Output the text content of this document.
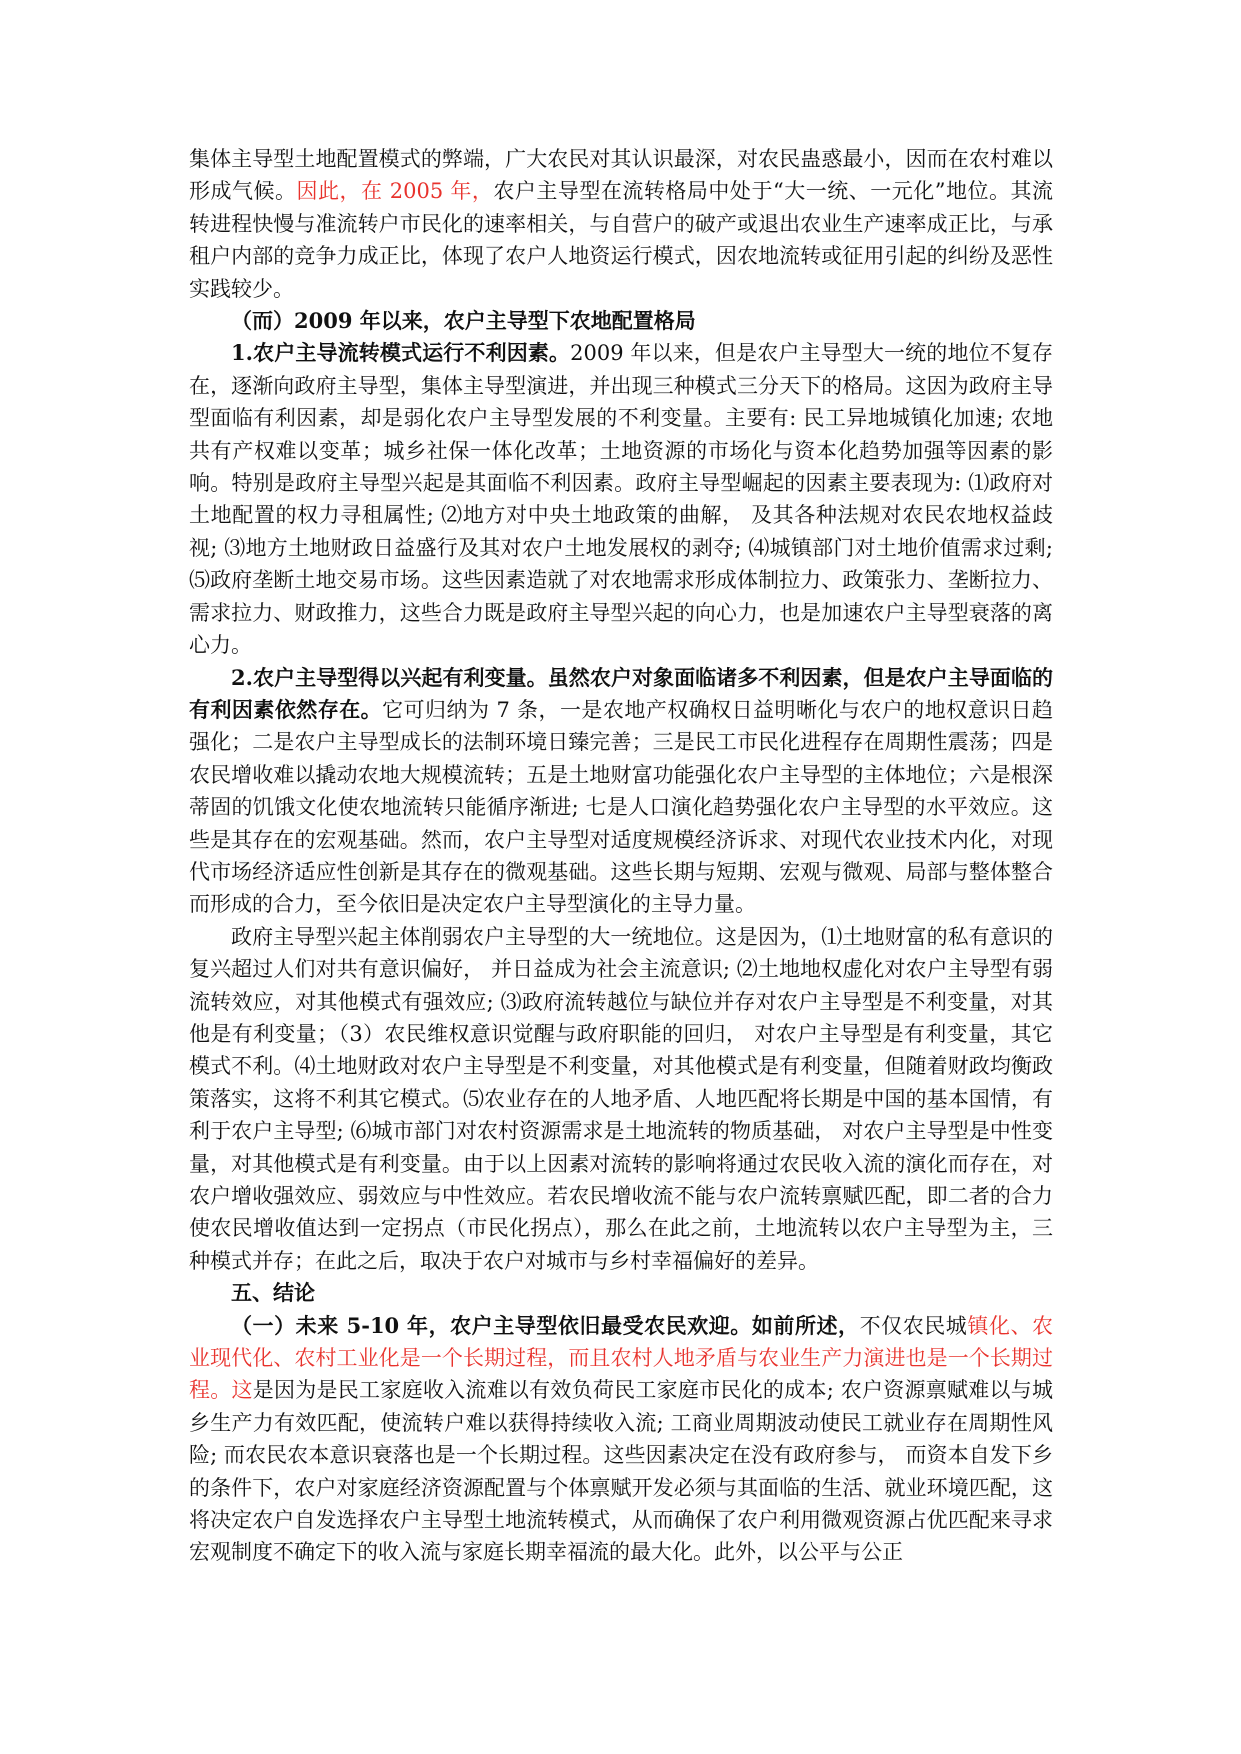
集体主导型土地配置模式的弊端，广大农民对其认识最深，对农民蛊惑最小，因而在农村难以形成气候。因此，在 2005 年，农户主导型在流转格局中处于“大一统、一元化”地位。其流转进程快慢与准流转户市民化的速率相关，与自营户的破产或退出农业生产速率成正比，与承租户内部的竞争力成正比，体现了农户人地资运行模式，因农地流转或征用引起的纠纷及恶性实践较少。

（而）2009 年以来，农户主导型下农地配置格局

1.农户主导流转模式运行不利因素。2009 年以来，但是农户主导型大一统的地位不复存在，逐渐向政府主导型，集体主导型演进，并出现三种模式三分天下的格局。这因为政府主导型面临有利因素，却是弱化农户主导型发展的不利变量。主要有: 民工异地城镇化加速; 农地共有产权难以变革；城乡社保一体化改革；土地资源的市场化与资本化趋势加强等因素的影响。特别是政府主导型兴起是其面临不利因素。政府主导型崛起的因素主要表现为: ⑴政府对土地配置的权力寻租属性; ⑵地方对中央土地政策的曲解， 及其各种法规对农民农地权益歧视; ⑶地方土地财政日益盛行及其对农户土地发展权的剥夺; ⑷城镇部门对土地价值需求过剩; ⑸政府垄断土地交易市场。这些因素造就了对农地需求形成体制拉力、政策张力、垄断拉力、需求拉力、财政推力，这些合力既是政府主导型兴起的向心力，也是加速农户主导型衰落的离心力。

2.农户主导型得以兴起有利变量。虽然农户对象面临诸多不利因素，但是农户主导面临的有利因素依然存在。它可归纳为 7 条，一是农地产权确权日益明晰化与农户的地权意识日趋强化；二是农户主导型成长的法制环境日臻完善；三是民工市民化进程存在周期性震荡；四是农民增收难以撬动农地大规模流转；五是土地财富功能强化农户主导型的主体地位；六是根深蒂固的饥饿文化使农地流转只能循序渐进; 七是人口演化趋势强化农户主导型的水平效应。这些是其存在的宏观基础。然而，农户主导型对适度规模经济诉求、对现代农业技术内化，对现代市场经济适应性创新是其存在的微观基础。这些长期与短期、宏观与微观、局部与整体整合而形成的合力，至今依旧是决定农户主导型演化的主导力量。

政府主导型兴起主体削弱农户主导型的大一统地位。这是因为，⑴土地财富的私有意识的复兴超过人们对共有意识偏好， 并日益成为社会主流意识; ⑵土地地权虚化对农户主导型有弱流转效应，对其他模式有强效应; ⑶政府流转越位与缺位并存对农户主导型是不利变量，对其他是有利变量；（3）农民维权意识觉醒与政府职能的回归， 对农户主导型是有利变量，其它模式不利。⑷土地财政对农户主导型是不利变量，对其他模式是有利变量，但随着财政均衡政策落实，这将不利其它模式。⑸农业存在的人地矛盾、人地匹配将长期是中国的基本国情，有利于农户主导型; ⑹城市部门对农村资源需求是土地流转的物质基础， 对农户主导型是中性变量，对其他模式是有利变量。由于以上因素对流转的影响将通过农民收入流的演化而存在，对农户增收强效应、弱效应与中性效应。若农民增收流不能与农户流转禀赋匹配，即二者的合力使农民增收值达到一定拐点（市民化拐点），那么在此之前，土地流转以农户主导型为主，三种模式并存；在此之后，取决于农户对城市与乡村幸福偏好的差异。

五、结论

（一）未来 5-10 年，农户主导型依旧最受农民欢迎。如前所述，不仅农民城镇化、农业现代化、农村工业化是一个长期过程，而且农村人地矛盾与农业生产力演进也是一个长期过程。这是因为是民工家庭收入流难以有效负荷民工家庭市民化的成本; 农户资源禀赋难以与城乡生产力有效匹配，使流转户难以获得持续收入流; 工商业周期波动使民工就业存在周期性风险; 而农民农本意识衰落也是一个长期过程。这些因素决定在没有政府参与， 而资本自发下乡的条件下，农户对家庭经济资源配置与个体禀赋开发必须与其面临的生活、就业环境匹配，这将决定农户自发选择农户主导型土地流转模式，从而确保了农户利用微观资源占优匹配来寻求宏观制度不确定下的收入流与家庭长期幸福流的最大化。此外，以公平与公正
